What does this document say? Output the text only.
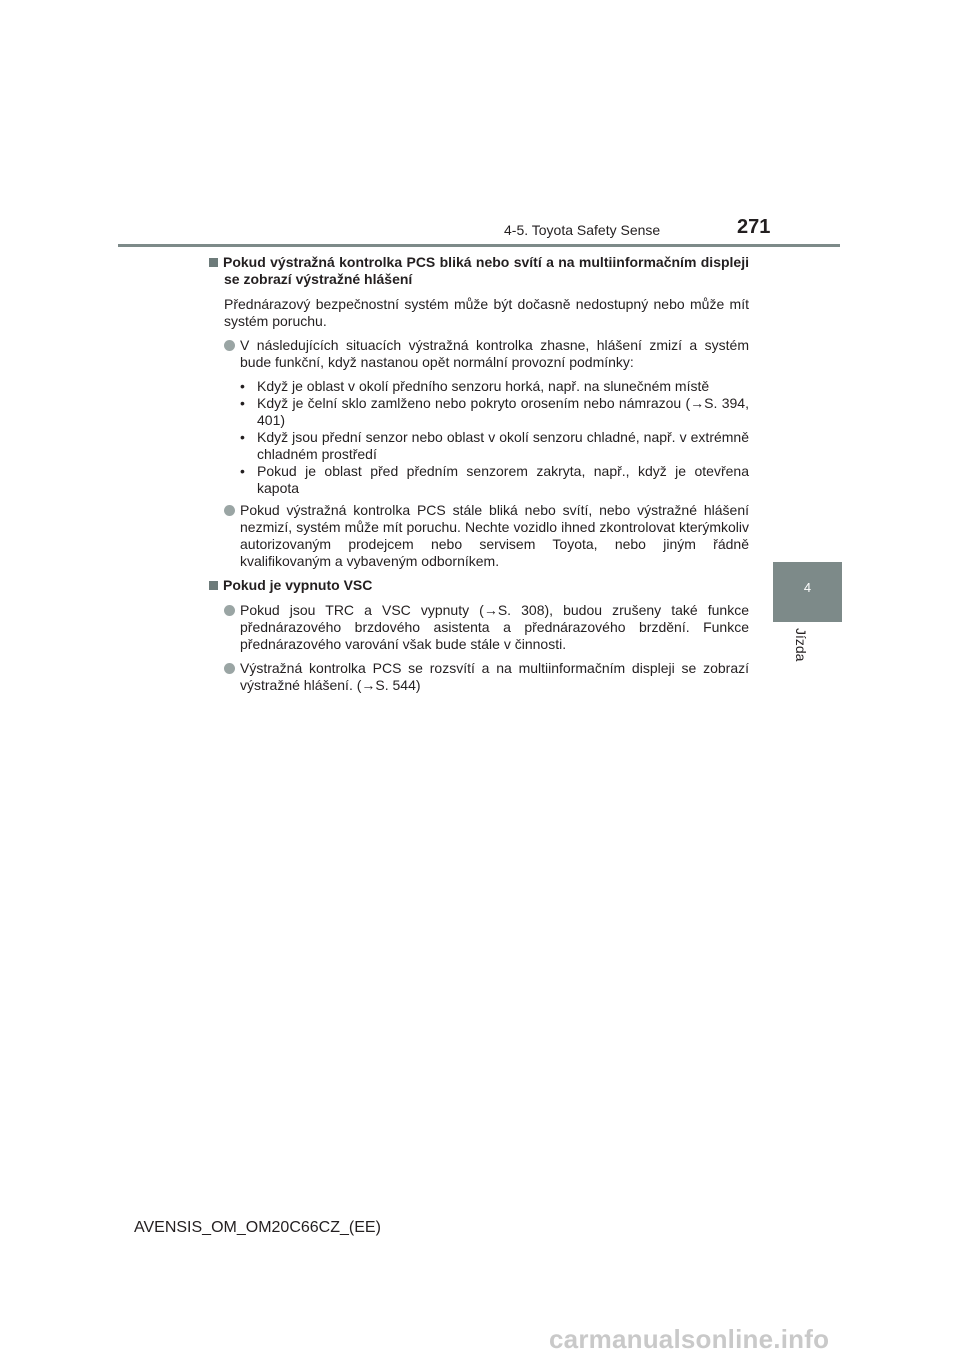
4-5. Toyota Safety Sense	271
4
Jízda
Pokud výstražná kontrolka PCS bliká nebo svítí a na multiinformačním displeji se zobrazí výstražné hlášení

Přednárazový bezpečnostní systém může být dočasně nedostupný nebo může mít systém poruchu.

V následujících situacích výstražná kontrolka zhasne, hlášení zmizí a systém bude funkční, když nastanou opět normální provozní podmínky:
• Když je oblast v okolí předního senzoru horká, např. na slunečném místě
• Když je čelní sklo zamlženo nebo pokryto orosením nebo námrazou (→S. 394, 401)
• Když jsou přední senzor nebo oblast v okolí senzoru chladné, např. v extrémně chladném prostředí
• Pokud je oblast před předním senzorem zakryta, např., když je otevřena kapota
Pokud výstražná kontrolka PCS stále bliká nebo svítí, nebo výstražné hlášení nezmizí, systém může mít poruchu. Nechte vozidlo ihned zkontrolovat kterýmkoliv autorizovaným prodejcem nebo servisem Toyota, nebo jiným řádně kvalifikovaným a vybaveným odborníkem.
Pokud je vypnuto VSC
Pokud jsou TRC a VSC vypnuty (→S. 308), budou zrušeny také funkce přednárazového brzdového asistenta a přednárazového brzdění. Funkce přednárazového varování však bude stále v činnosti.
Výstražná kontrolka PCS se rozsvítí a na multiinformačním displeji se zobrazí výstražné hlášení. (→S. 544)
AVENSIS_OM_OM20C66CZ_(EE)
carmanualsonline.info
